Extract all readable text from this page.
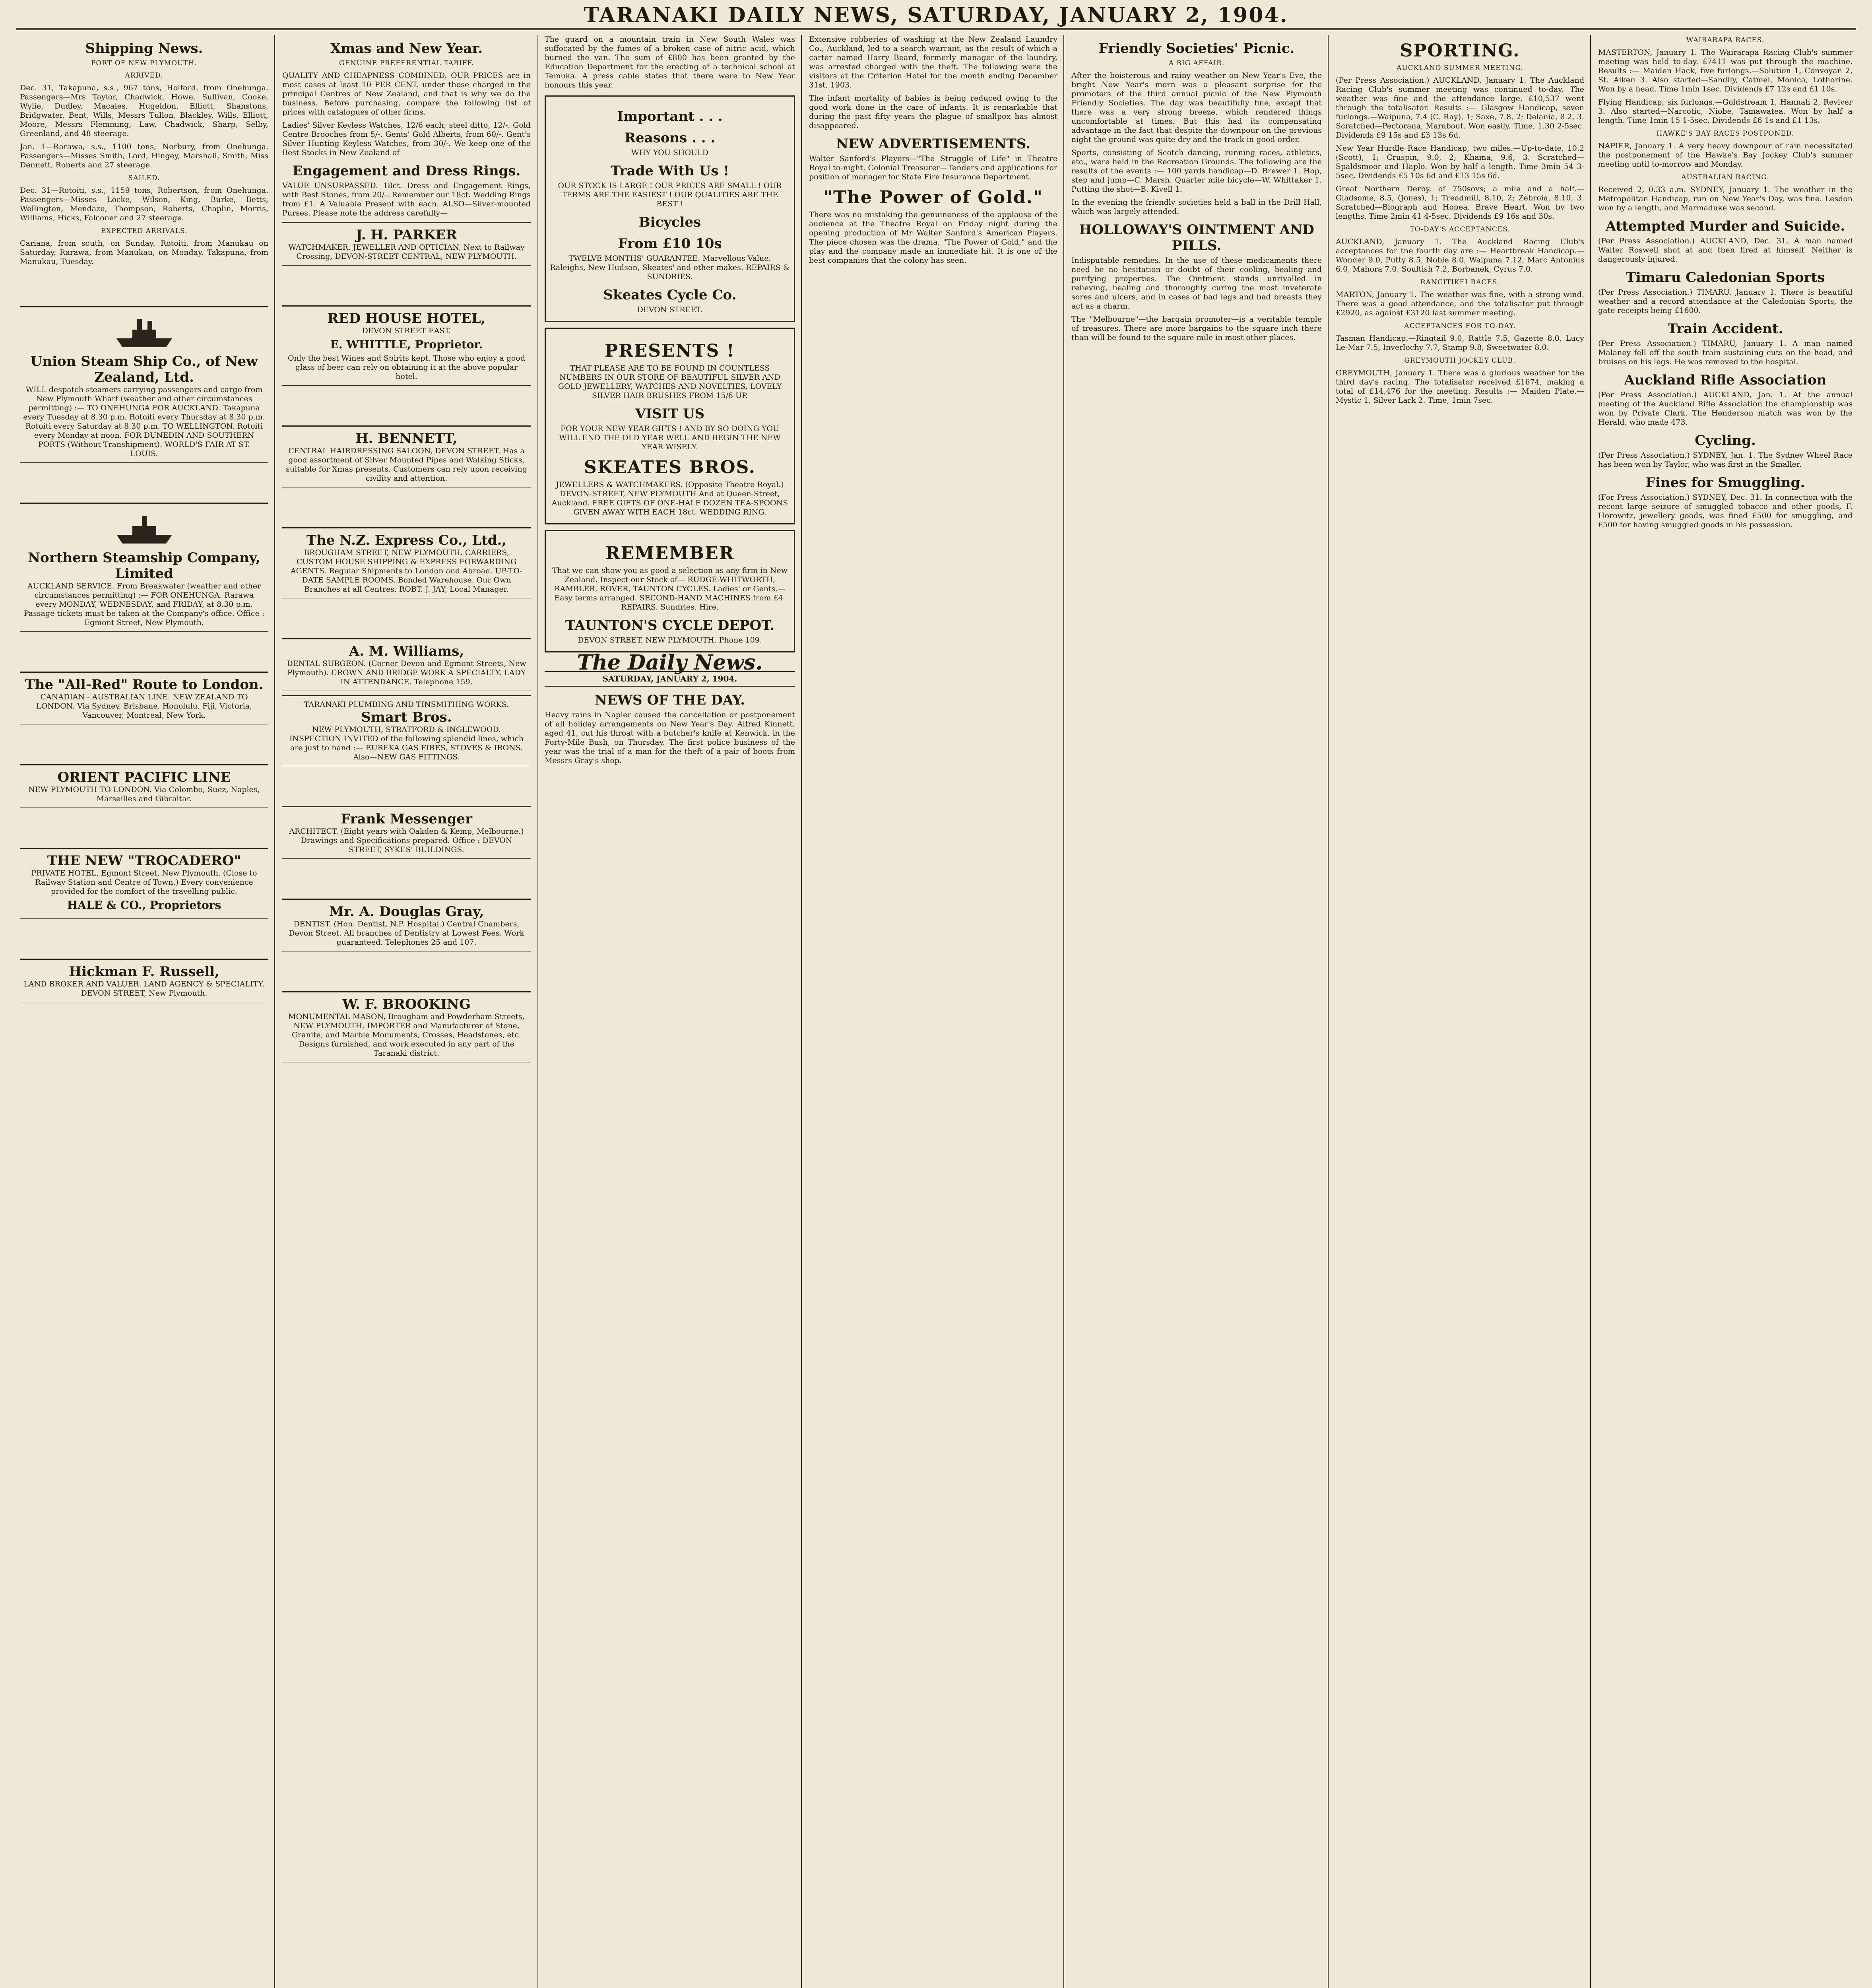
TARANAKI DAILY NEWS, SATURDAY, JANUARY 2, 1904.
Shipping News.
PORT OF NEW PLYMOUTH.
ARRIVED.

Dec. 31, Takapuna, s.s., 967 tons, Holford, from Onehunga. Passengers—Mrs Taylor, Chadwick, Howe, Sullivan, Cooke, Wylie, Dudley, Macales, Hugeldon, Elliott, Shanstons, Bridgwater, Bent, Wills, Messrs Tullon, Blackley, Wills, Elliott, Moore, Messrs Flemming, Law, Chadwick, Sharp, Selby, Greenland, and 48 steerage.

Jan. 1—Rarawa, s.s., 1100 tons, Norbury, from Onehunga. Passengers—Misses Smith, Lord, Hingey, Marshall, Smith, Miss Dennett, Roberts and 27 steerage.

SAILED.

Dec. 31—Rotoiti, s.s., 1159 tons, Robertson, from Onehunga. Passengers—Misses Locke, Wilson, King, Burke, Betts, Wellington, Mendaze, Thompson, Roberts, Chaplin, Morris, Williams, Hicks, Falconer and 27 steerage.

EXPECTED ARRIVALS.

Cariana, from south, on Sunday. Rotoiti, from Manukau on Saturday. Rarawa, from Manukau, on Monday. Takapuna, from Manukau, Tuesday.

Union Steam Ship Co., of New Zealand, Ltd.
WILL despatch steamers carrying passengers and cargo from New Plymouth Wharf (weather and other circumstances permitting) :— TO ONEHUNGA FOR AUCKLAND. Takapuna every Tuesday at 8.30 p.m. Rotoiti every Thursday at 8.30 p.m. Rotoiti every Saturday at 8.30 p.m. TO WELLINGTON. Rotoiti every Monday at noon. FOR DUNEDIN AND SOUTHERN PORTS (Without Transhipment). WORLD'S FAIR AT ST. LOUIS.
Northern Steamship Company, Limited
AUCKLAND SERVICE. From Breakwater (weather and other circumstances permitting) :— FOR ONEHUNGA. Rarawa every MONDAY, WEDNESDAY, and FRIDAY, at 8.30 p.m. Passage tickets must be taken at the Company's office. Office : Egmont Street, New Plymouth.
The "All-Red" Route to London.
CANADIAN - AUSTRALIAN LINE. NEW ZEALAND TO LONDON. Via Sydney, Brisbane, Honolulu, Fiji, Victoria, Vancouver, Montreal, New York.
ORIENT PACIFIC LINE
NEW PLYMOUTH TO LONDON. Via Colombo, Suez, Naples, Marseilles and Gibraltar.
THE NEW "TROCADERO"
PRIVATE HOTEL, Egmont Street, New Plymouth. (Close to Railway Station and Centre of Town.) Every convenience provided for the comfort of the travelling public.
HALE & CO., Proprietors
Hickman F. Russell,
LAND BROKER AND VALUER. LAND AGENCY & SPECIALITY. DEVON STREET, New Plymouth.
Xmas and New Year.
GENUINE PREFERENTIAL TARIFF.

QUALITY AND CHEAPNESS COMBINED. OUR PRICES are in most cases at least 10 PER CENT. under those charged in the principal Centres of New Zealand, and that is why we do the business. Before purchasing, compare the following list of prices with catalogues of other firms.

Ladies' Silver Keyless Watches, 12/6 each; steel ditto, 12/-. Gold Centre Brooches from 5/-. Gents' Gold Alberts, from 60/-. Gent's Silver Hunting Keyless Watches, from 30/-. We keep one of the Best Stocks in New Zealand of

Engagement and Dress Rings.

VALUE UNSURPASSED. 18ct. Dress and Engagement Rings, with Best Stones, from 20/-. Remember our 18ct. Wedding Rings from £1. A Valuable Present with each. ALSO—Silver-mounted Purses. Please note the address carefully—

J. H. PARKER
WATCHMAKER, JEWELLER AND OPTICIAN, Next to Railway Crossing, DEVON-STREET CENTRAL, NEW PLYMOUTH.
RED HOUSE HOTEL,
DEVON STREET EAST.
E. WHITTLE, Proprietor.
Only the best Wines and Spirits kept. Those who enjoy a good glass of beer can rely on obtaining it at the above popular hotel.
H. BENNETT,
CENTRAL HAIRDRESSING SALOON, DEVON STREET. Has a good assortment of Silver Mounted Pipes and Walking Sticks, suitable for Xmas presents. Customers can rely upon receiving civility and attention.
The N.Z. Express Co., Ltd.,
BROUGHAM STREET, NEW PLYMOUTH. CARRIERS, CUSTOM HOUSE SHIPPING & EXPRESS FORWARDING AGENTS. Regular Shipments to London and Abroad. UP-TO-DATE SAMPLE ROOMS. Bonded Warehouse. Our Own Branches at all Centres. ROBT. J. JAY, Local Manager.
A. M. Williams,
DENTAL SURGEON. (Corner Devon and Egmont Streets, New Plymouth). CROWN AND BRIDGE WORK A SPECIALTY. LADY IN ATTENDANCE. Telephone 159.
TARANAKI PLUMBING AND TINSMITHING WORKS.
Smart Bros.
NEW PLYMOUTH, STRATFORD & INGLEWOOD. INSPECTION INVITED of the following splendid lines, which are just to hand :— EUREKA GAS FIRES, STOVES & IRONS. Also—NEW GAS FITTINGS.
Frank Messenger
ARCHITECT. (Eight years with Oakden & Kemp, Melbourne.) Drawings and Specifications prepared. Office : DEVON STREET, SYKES' BUILDINGS.
Mr. A. Douglas Gray,
DENTIST. (Hon. Dentist, N.P. Hospital.) Central Chambers, Devon Street. All branches of Dentistry at Lowest Fees. Work guaranteed. Telephones 25 and 107.
W. F. BROOKING
MONUMENTAL MASON, Brougham and Powderham Streets, NEW PLYMOUTH. IMPORTER and Manufacturer of Stone, Granite, and Marble Monuments, Crosses, Headstones, etc. Designs furnished, and work executed in any part of the Taranaki district.

The guard on a mountain train in New South Wales was suffocated by the fumes of a broken case of nitric acid, which burned the van. The sum of £800 has been granted by the Education Department for the erecting of a technical school at Temuka. A press cable states that there were to New Year honours this year.

Important . . .
Reasons . . .
WHY YOU SHOULD
Trade With Us !
OUR STOCK IS LARGE ! OUR PRICES ARE SMALL ! OUR TERMS ARE THE EASIEST ! OUR QUALITIES ARE THE BEST !
Bicycles
From £10 10s
TWELVE MONTHS' GUARANTEE. Marvellous Value. Raleighs, New Hudson, Skeates' and other makes. REPAIRS & SUNDRIES.
Skeates Cycle Co.
DEVON STREET.
PRESENTS !
THAT PLEASE ARE TO BE FOUND IN COUNTLESS NUMBERS IN OUR STORE OF BEAUTIFUL SILVER AND GOLD JEWELLERY, WATCHES AND NOVELTIES, LOVELY SILVER HAIR BRUSHES FROM 15/6 UP.
VISIT US
FOR YOUR NEW YEAR GIFTS ! AND BY SO DOING YOU WILL END THE OLD YEAR WELL AND BEGIN THE NEW YEAR WISELY.
SKEATES BROS.
JEWELLERS & WATCHMAKERS. (Opposite Theatre Royal.) DEVON-STREET, NEW PLYMOUTH And at Queen-Street, Auckland. FREE GIFTS OF ONE-HALF DOZEN TEA-SPOONS GIVEN AWAY WITH EACH 18ct. WEDDING RING.
REMEMBER
That we can show you as good a selection as any firm in New Zealand. Inspect our Stock of— RUDGE-WHITWORTH, RAMBLER, ROVER, TAUNTON CYCLES. Ladies' or Gents.—Easy terms arranged. SECOND-HAND MACHINES from £4. REPAIRS. Sundries. Hire.
TAUNTON'S CYCLE DEPOT.
DEVON STREET, NEW PLYMOUTH. Phone 109.
The Daily News.
SATURDAY, JANUARY 2, 1904.
NEWS OF THE DAY.

Heavy rains in Napier caused the cancellation or postponement of all holiday arrangements on New Year's Day. Alfred Kinnett, aged 41, cut his throat with a butcher's knife at Kenwick, in the Forty-Mile Bush, on Thursday. The first police business of the year was the trial of a man for the theft of a pair of boots from Messrs Gray's shop.

Extensive robberies of washing at the New Zealand Laundry Co., Auckland, led to a search warrant, as the result of which a carter named Harry Beard, formerly manager of the laundry, was arrested charged with the theft. The following were the visitors at the Criterion Hotel for the month ending December 31st, 1903.

The infant mortality of babies is being reduced owing to the good work done in the care of infants. It is remarkable that during the past fifty years the plague of smallpox has almost disappeared.

NEW ADVERTISEMENTS.

Walter Sanford's Players—"The Struggle of Life" in Theatre Royal to-night. Colonial Treasurer—Tenders and applications for position of manager for State Fire Insurance Department.

"The Power of Gold."

There was no mistaking the genuineness of the applause of the audience at the Theatre Royal on Friday night during the opening production of Mr Walter Sanford's American Players. The piece chosen was the drama, "The Power of Gold," and the play and the company made an immediate hit. It is one of the best companies that the colony has seen.

Friendly Societies' Picnic.
A BIG AFFAIR.

After the boisterous and rainy weather on New Year's Eve, the bright New Year's morn was a pleasant surprise for the promoters of the third annual picnic of the New Plymouth Friendly Societies. The day was beautifully fine, except that there was a very strong breeze, which rendered things uncomfortable at times. But this had its compensating advantage in the fact that despite the downpour on the previous night the ground was quite dry and the track in good order.

Sports, consisting of Scotch dancing, running races, athletics, etc., were held in the Recreation Grounds. The following are the results of the events :— 100 yards handicap—D. Brewer 1. Hop, step and jump—C. Marsh. Quarter mile bicycle—W. Whittaker 1. Putting the shot—B. Kivell 1.

In the evening the friendly societies held a ball in the Drill Hall, which was largely attended.

HOLLOWAY'S OINTMENT AND PILLS.

Indisputable remedies. In the use of these medicaments there need be no hesitation or doubt of their cooling, healing and purifying properties. The Ointment stands unrivalled in relieving, healing and thoroughly curing the most inveterate sores and ulcers, and in cases of bad legs and bad breasts they act as a charm.

The "Melbourne"—the bargain promoter—is a veritable temple of treasures. There are more bargains to the square inch there than will be found to the square mile in most other places.

SPORTING.
AUCKLAND SUMMER MEETING.

(Per Press Association.) AUCKLAND, January 1. The Auckland Racing Club's summer meeting was continued to-day. The weather was fine and the attendance large. £10,537 went through the totalisator. Results :— Glasgow Handicap, seven furlongs.—Waipuna, 7.4 (C. Ray), 1; Saxe, 7.8, 2; Delania, 8.2, 3. Scratched—Pectorana, Marabout. Won easily. Time, 1.30 2-5sec. Dividends £9 15s and £3 13s 6d.

New Year Hurdle Race Handicap, two miles.—Up-to-date, 10.2 (Scott), 1; Cruspin, 9.0, 2; Khama, 9.6, 3. Scratched—Spaldsmoor and Haplo. Won by half a length. Time 3min 54 3-5sec. Dividends £5 10s 6d and £13 15s 6d.

Great Northern Derby, of 750sovs; a mile and a half.—Gladsome, 8.5, (Jones), 1; Treadmill, 8.10, 2; Zebroia, 8.10, 3. Scratched—Biograph and Hopea. Brave Heart. Won by two lengths. Time 2min 41 4-5sec. Dividends £9 16s and 30s.

TO-DAY'S ACCEPTANCES.

AUCKLAND, January 1. The Auckland Racing Club's acceptances for the fourth day are :— Heartbreak Handicap.—Wonder 9.0, Putty 8.5, Noble 8.0, Waipuna 7.12, Marc Antonius 6.0, Mahora 7.0, Soultish 7.2, Borbanek, Cyrus 7.0.

RANGITIKEI RACES.

MARTON, January 1. The weather was fine, with a strong wind. There was a good attendance, and the totalisator put through £2920, as against £3120 last summer meeting.

ACCEPTANCES FOR TO-DAY.

Tasman Handicap.—Ringtail 9.0, Rattle 7.5, Gazette 8.0, Lucy Le-Mar 7.5, Inverlochy 7.7, Stamp 9.8, Sweetwater 8.0.

GREYMOUTH JOCKEY CLUB.

GREYMOUTH, January 1. There was a glorious weather for the third day's racing. The totalisator received £1674, making a total of £14,476 for the meeting. Results :— Maiden Plate.—Mystic 1, Silver Lark 2. Time, 1min 7sec.

WAIRARAPA RACES.

MASTERTON, January 1. The Wairarapa Racing Club's summer meeting was held to-day. £7411 was put through the machine. Results :— Maiden Hack, five furlongs.—Solution 1, Convoyan 2, St. Aiken 3. Also started—Sandily, Catmel, Monica, Lothorine. Won by a head. Time 1min 1sec. Dividends £7 12s and £1 10s.

Flying Handicap, six furlongs.—Goldstream 1, Hannah 2, Reviver 3. Also started—Narcotic, Niobe, Tamawatea. Won by half a length. Time 1min 15 1-5sec. Dividends £6 1s and £1 13s.

HAWKE'S BAY RACES POSTPONED.

NAPIER, January 1. A very heavy downpour of rain necessitated the postponement of the Hawke's Bay Jockey Club's summer meeting until to-morrow and Monday.

AUSTRALIAN RACING.

Received 2, 0.33 a.m. SYDNEY, January 1. The weather in the Metropolitan Handicap, run on New Year's Day, was fine. Lesdon won by a length, and Marmaduke was second.

Attempted Murder and Suicide.

(Per Press Association.) AUCKLAND, Dec. 31. A man named Walter Roswell shot at and then fired at himself. Neither is dangerously injured.

Timaru Caledonian Sports

(Per Press Association.) TIMARU, January 1. There is beautiful weather and a record attendance at the Caledonian Sports, the gate receipts being £1600.

Train Accident.

(Per Press Association.) TIMARU, January 1. A man named Malaney fell off the south train sustaining cuts on the head, and bruises on his legs. He was removed to the hospital.

Auckland Rifle Association

(Per Press Association.) AUCKLAND, Jan. 1. At the annual meeting of the Auckland Rifle Association the championship was won by Private Clark. The Henderson match was won by the Herald, who made 473.

Cycling.

(Per Press Association.) SYDNEY, Jan. 1. The Sydney Wheel Race has been won by Taylor, who was first in the Smaller.

Fines for Smuggling.

(For Press Association.) SYDNEY, Dec. 31. In connection with the recent large seizure of smuggled tobacco and other goods, F. Horowitz, jewellery goods, was fined £500 for smuggling, and £500 for having smuggled goods in his possession.
